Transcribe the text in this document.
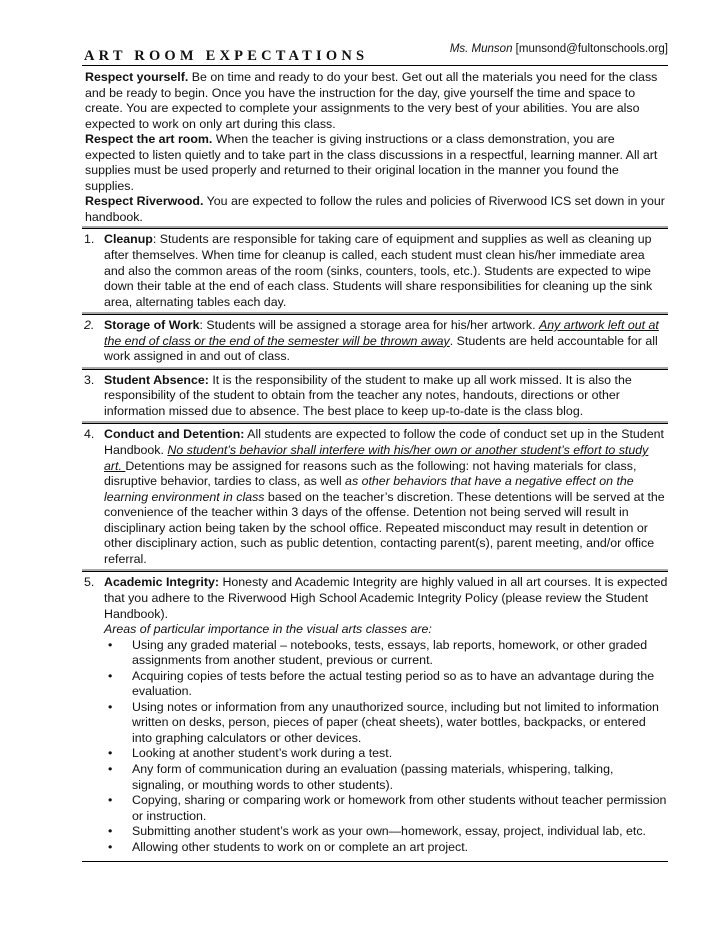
ART ROOM EXPECTATIONS	Ms. Munson [munsond@fultonschools.org]
Respect yourself. Be on time and ready to do your best. Get out all the materials you need for the class and be ready to begin. Once you have the instruction for the day, give yourself the time and space to create. You are expected to complete your assignments to the very best of your abilities. You are also expected to work on only art during this class.
Respect the art room. When the teacher is giving instructions or a class demonstration, you are expected to listen quietly and to take part in the class discussions in a respectful, learning manner. All art supplies must be used properly and returned to their original location in the manner you found the supplies.
Respect Riverwood. You are expected to follow the rules and policies of Riverwood ICS set down in your handbook.
1. Cleanup: Students are responsible for taking care of equipment and supplies as well as cleaning up after themselves. When time for cleanup is called, each student must clean his/her immediate area and also the common areas of the room (sinks, counters, tools, etc.). Students are expected to wipe down their table at the end of each class. Students will share responsibilities for cleaning up the sink area, alternating tables each day.
2. Storage of Work: Students will be assigned a storage area for his/her artwork. Any artwork left out at the end of class or the end of the semester will be thrown away. Students are held accountable for all work assigned in and out of class.
3. Student Absence: It is the responsibility of the student to make up all work missed. It is also the responsibility of the student to obtain from the teacher any notes, handouts, directions or other information missed due to absence. The best place to keep up-to-date is the class blog.
4. Conduct and Detention: All students are expected to follow the code of conduct set up in the Student Handbook. No student’s behavior shall interfere with his/her own or another student’s effort to study art. Detentions may be assigned for reasons such as the following: not having materials for class, disruptive behavior, tardies to class, as well as other behaviors that have a negative effect on the learning environment in class based on the teacher’s discretion. These detentions will be served at the convenience of the teacher within 3 days of the offense. Detention not being served will result in disciplinary action being taken by the school office. Repeated misconduct may result in detention or other disciplinary action, such as public detention, contacting parent(s), parent meeting, and/or office referral.
5. Academic Integrity: Honesty and Academic Integrity are highly valued in all art courses. It is expected that you adhere to the Riverwood High School Academic Integrity Policy (please review the Student Handbook).
Areas of particular importance in the visual arts classes are:
•	Using any graded material – notebooks, tests, essays, lab reports, homework, or other graded assignments from another student, previous or current.
•	Acquiring copies of tests before the actual testing period so as to have an advantage during the evaluation.
•	Using notes or information from any unauthorized source, including but not limited to information written on desks, person, pieces of paper (cheat sheets), water bottles, backpacks, or entered into graphing calculators or other devices.
•	Looking at another student’s work during a test.
•	Any form of communication during an evaluation (passing materials, whispering, talking, signaling, or mouthing words to other students).
•	Copying, sharing or comparing work or homework from other students without teacher permission or instruction.
•	Submitting another student’s work as your own—homework, essay, project, individual lab, etc.
•	Allowing other students to work on or complete an art project.
